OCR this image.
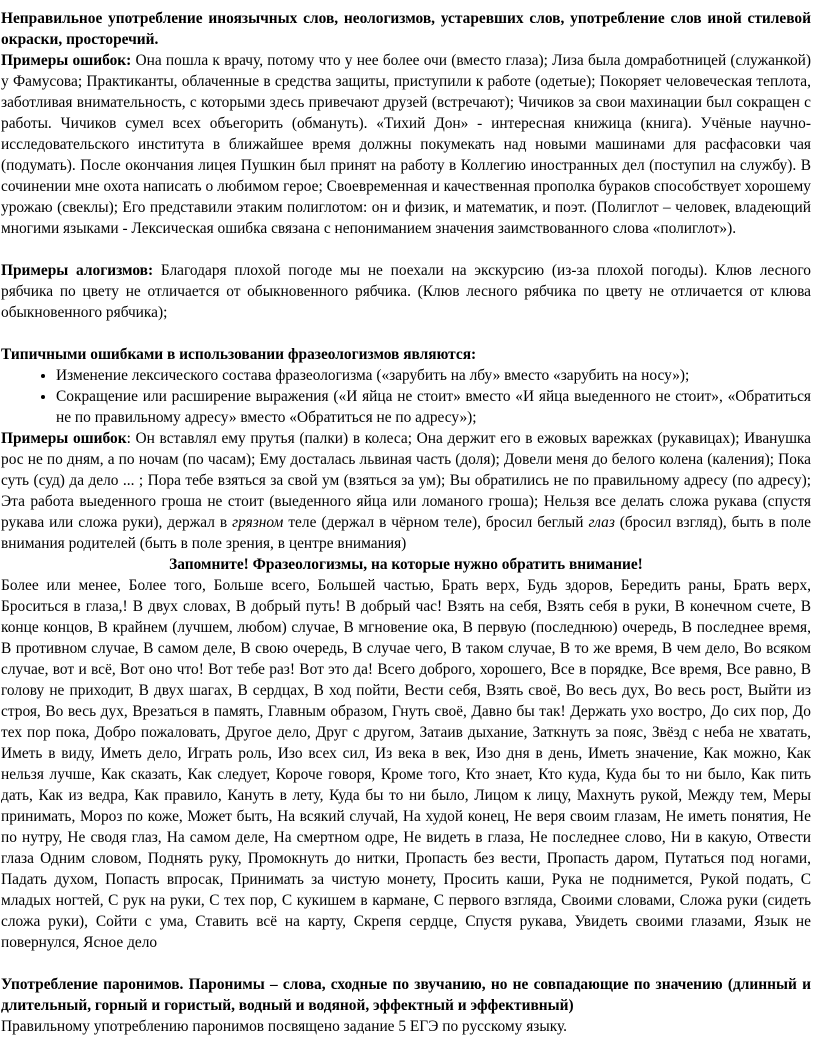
Неправильное употребление иноязычных слов, неологизмов, устаревших слов, употребление слов иной стилевой окраски, просторечий.
Примеры ошибок: Она пошла к врачу, потому что у нее более очи (вместо глаза); Лиза была домработницей (служанкой) у Фамусова; Практиканты, облаченные в средства защиты, приступили к работе (одетые); Покоряет человеческая теплота, заботливая внимательность, с которыми здесь привечают друзей (встречают); Чичиков за свои махинации был сокращен с работы. Чичиков сумел всех объегорить (обмануть). «Тихий Дон» - интересная книжица (книга). Учёные научно-исследовательского института в ближайшее время должны покумекать над новыми машинами для расфасовки чая (подумать). После окончания лицея Пушкин был принят на работу в Коллегию иностранных дел (поступил на службу). В сочинении мне охота написать о любимом герое; Своевременная и качественная прополка бураков способствует хорошему урожаю (свеклы); Его представили этаким полиглотом: он и физик, и математик, и поэт. (Полиглот – человек, владеющий многими языками - Лексическая ошибка связана с непониманием значения заимствованного слова «полиглот»).

Примеры алогизмов: Благодаря плохой погоде мы не поехали на экскурсию (из-за плохой погоды). Клюв лесного рябчика по цвету не отличается от обыкновенного рябчика. (Клюв лесного рябчика по цвету не отличается от клюва обыкновенного рябчика);

Типичными ошибками в использовании фразеологизмов являются:

• Изменение лексического состава фразеологизма («зарубить на лбу» вместо «зарубить на носу»);
• Сокращение или расширение выражения («И яйца не стоит» вместо «И яйца выеденного не стоит», «Обратиться не по правильному адресу» вместо «Обратиться не по адресу»);

Примеры ошибок: Он вставлял ему прутья (палки) в колеса; Она держит его в ежовых варежках (рукавицах); Иванушка рос не по дням, а по ночам (по часам); Ему досталась львиная часть (доля); Довели меня до белого колена (каления); Пока суть (суд) да дело ... ; Пора тебе взяться за свой ум (взяться за ум); Вы обратились не по правильному адресу (по адресу); Эта работа выеденного гроша не стоит (выеденного яйца или ломаного гроша); Нельзя все делать сложа рукава (спустя рукава или сложа руки), держал в грязном теле (держал в чёрном теле), бросил беглый глаз (бросил взгляд), быть в поле внимания родителей (быть в поле зрения, в центре внимания)

Запомните! Фразеологизмы, на которые нужно обратить внимание!

Более или менее, Более того, Больше всего, Большей частью, Брать верх, Будь здоров, Бередить раны, Брать верх, Броситься в глаза,! В двух словах, В добрый путь! В добрый час! Взять на себя, Взять себя в руки, В конечном счете, В конце концов, В крайнем (лучшем, любом) случае, В мгновение ока, В первую (последнюю) очередь, В последнее время, В противном случае, В самом деле, В свою очередь, В случае чего, В таком случае, В то же время, В чем дело, Во всяком случае, вот и всё, Вот оно что! Вот тебе раз! Вот это да! Всего доброго, хорошего, Все в порядке, Все время, Все равно, В голову не приходит, В двух шагах, В сердцах, В ход пойти, Вести себя, Взять своё, Во весь дух, Во весь рост, Выйти из строя, Во весь дух, Врезаться в память, Главным образом, Гнуть своё, Давно бы так! Держать ухо востро, До сих пор, До тех пор пока, Добро пожаловать, Другое дело, Друг с другом, Затаив дыхание, Заткнуть за пояс, Звёзд с неба не хватать, Иметь в виду, Иметь дело, Играть роль, Изо всех сил, Из века в век, Изо дня в день, Иметь значение, Как можно, Как нельзя лучше, Как сказать, Как следует, Короче говоря, Кроме того, Кто знает, Кто куда, Куда бы то ни было, Как пить дать, Как из ведра, Как правило, Кануть в лету, Куда бы то ни было, Лицом к лицу, Махнуть рукой, Между тем, Меры принимать, Мороз по коже, Может быть, На всякий случай, На худой конец, Не веря своим глазам, Не иметь понятия, Не по нутру, Не сводя глаз, На самом деле, На смертном одре, Не видеть в глаза, Не последнее слово, Ни в какую, Отвести глаза Одним словом, Поднять руку, Промокнуть до нитки, Пропасть без вести, Пропасть даром, Путаться под ногами, Падать духом, Попасть впросак, Принимать за чистую монету, Просить каши, Рука не поднимется, Рукой подать, С младых ногтей, С рук на руки, С тех пор, С кукишем в кармане, С первого взгляда, Своими словами, Сложа руки (сидеть сложа руки), Сойти с ума, Ставить всё на карту, Скрепя сердце, Спустя рукава, Увидеть своими глазами, Язык не повернулся, Ясное дело

Употребление паронимов. Паронимы – слова, сходные по звучанию, но не совпадающие по значению (длинный и длительный, горный и гористый, водный и водяной, эффектный и эффективный)
Правильному употреблению паронимов посвящено задание 5 ЕГЭ по русскому языку.
